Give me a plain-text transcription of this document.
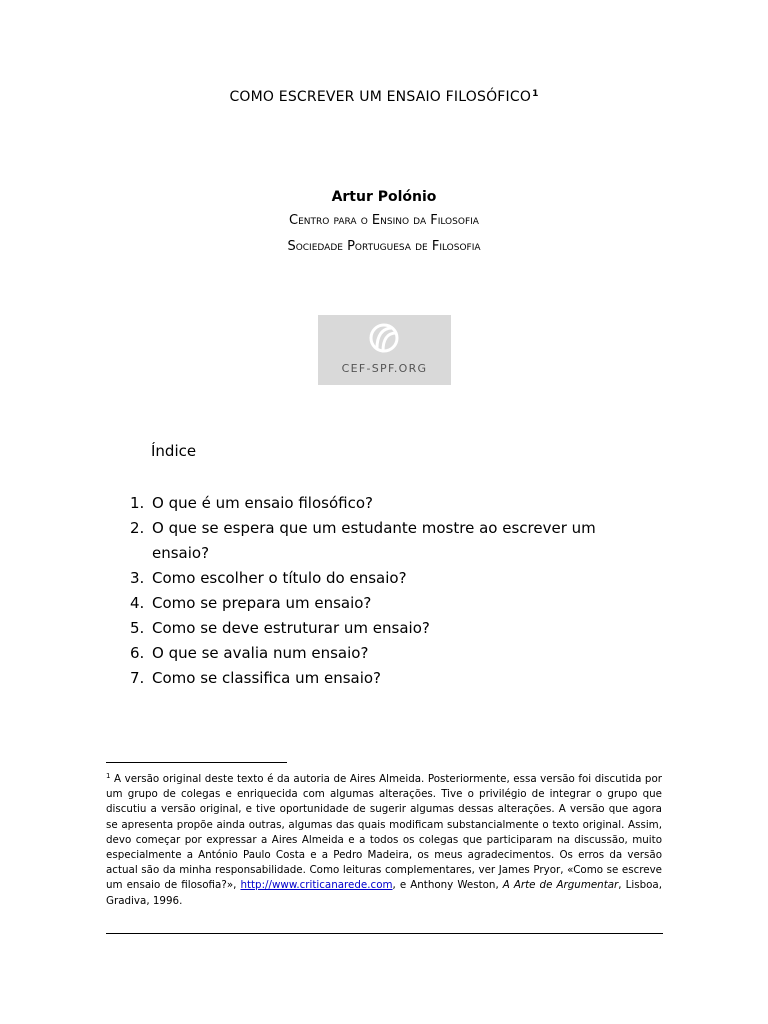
COMO ESCREVER UM ENSAIO FILOSÓFICO$^1$
Artur Polónio
Centro para o Ensino da Filosofia
Sociedade Portuguesa de Filosofia
CEF-SPF.ORG
Índice
1. O que é um ensaio filosófico?
2. O que se espera que um estudante mostre ao escrever um ensaio?
3. Como escolher o título do ensaio?
4. Como se prepara um ensaio?
5. Como se deve estruturar um ensaio?
6. O que se avalia num ensaio?
7. Como se classifica um ensaio?
$^1$ A versão original deste texto é da autoria de Aires Almeida. Posteriormente, essa versão foi discutida por um grupo de colegas e enriquecida com algumas alterações. Tive o privilégio de integrar o grupo que discutiu a versão original, e tive oportunidade de sugerir algumas dessas alterações. A versão que agora se apresenta propõe ainda outras, algumas das quais modificam substancialmente o texto original. Assim, devo começar por expressar a Aires Almeida e a todos os colegas que participaram na discussão, muito especialmente a António Paulo Costa e a Pedro Madeira, os meus agradecimentos. Os erros da versão actual são da minha responsabilidade. Como leituras complementares, ver James Pryor, «Como se escreve um ensaio de filosofia?», http://www.criticanarede.com, e Anthony Weston, A Arte de Argumentar, Lisboa, Gradiva, 1996.
